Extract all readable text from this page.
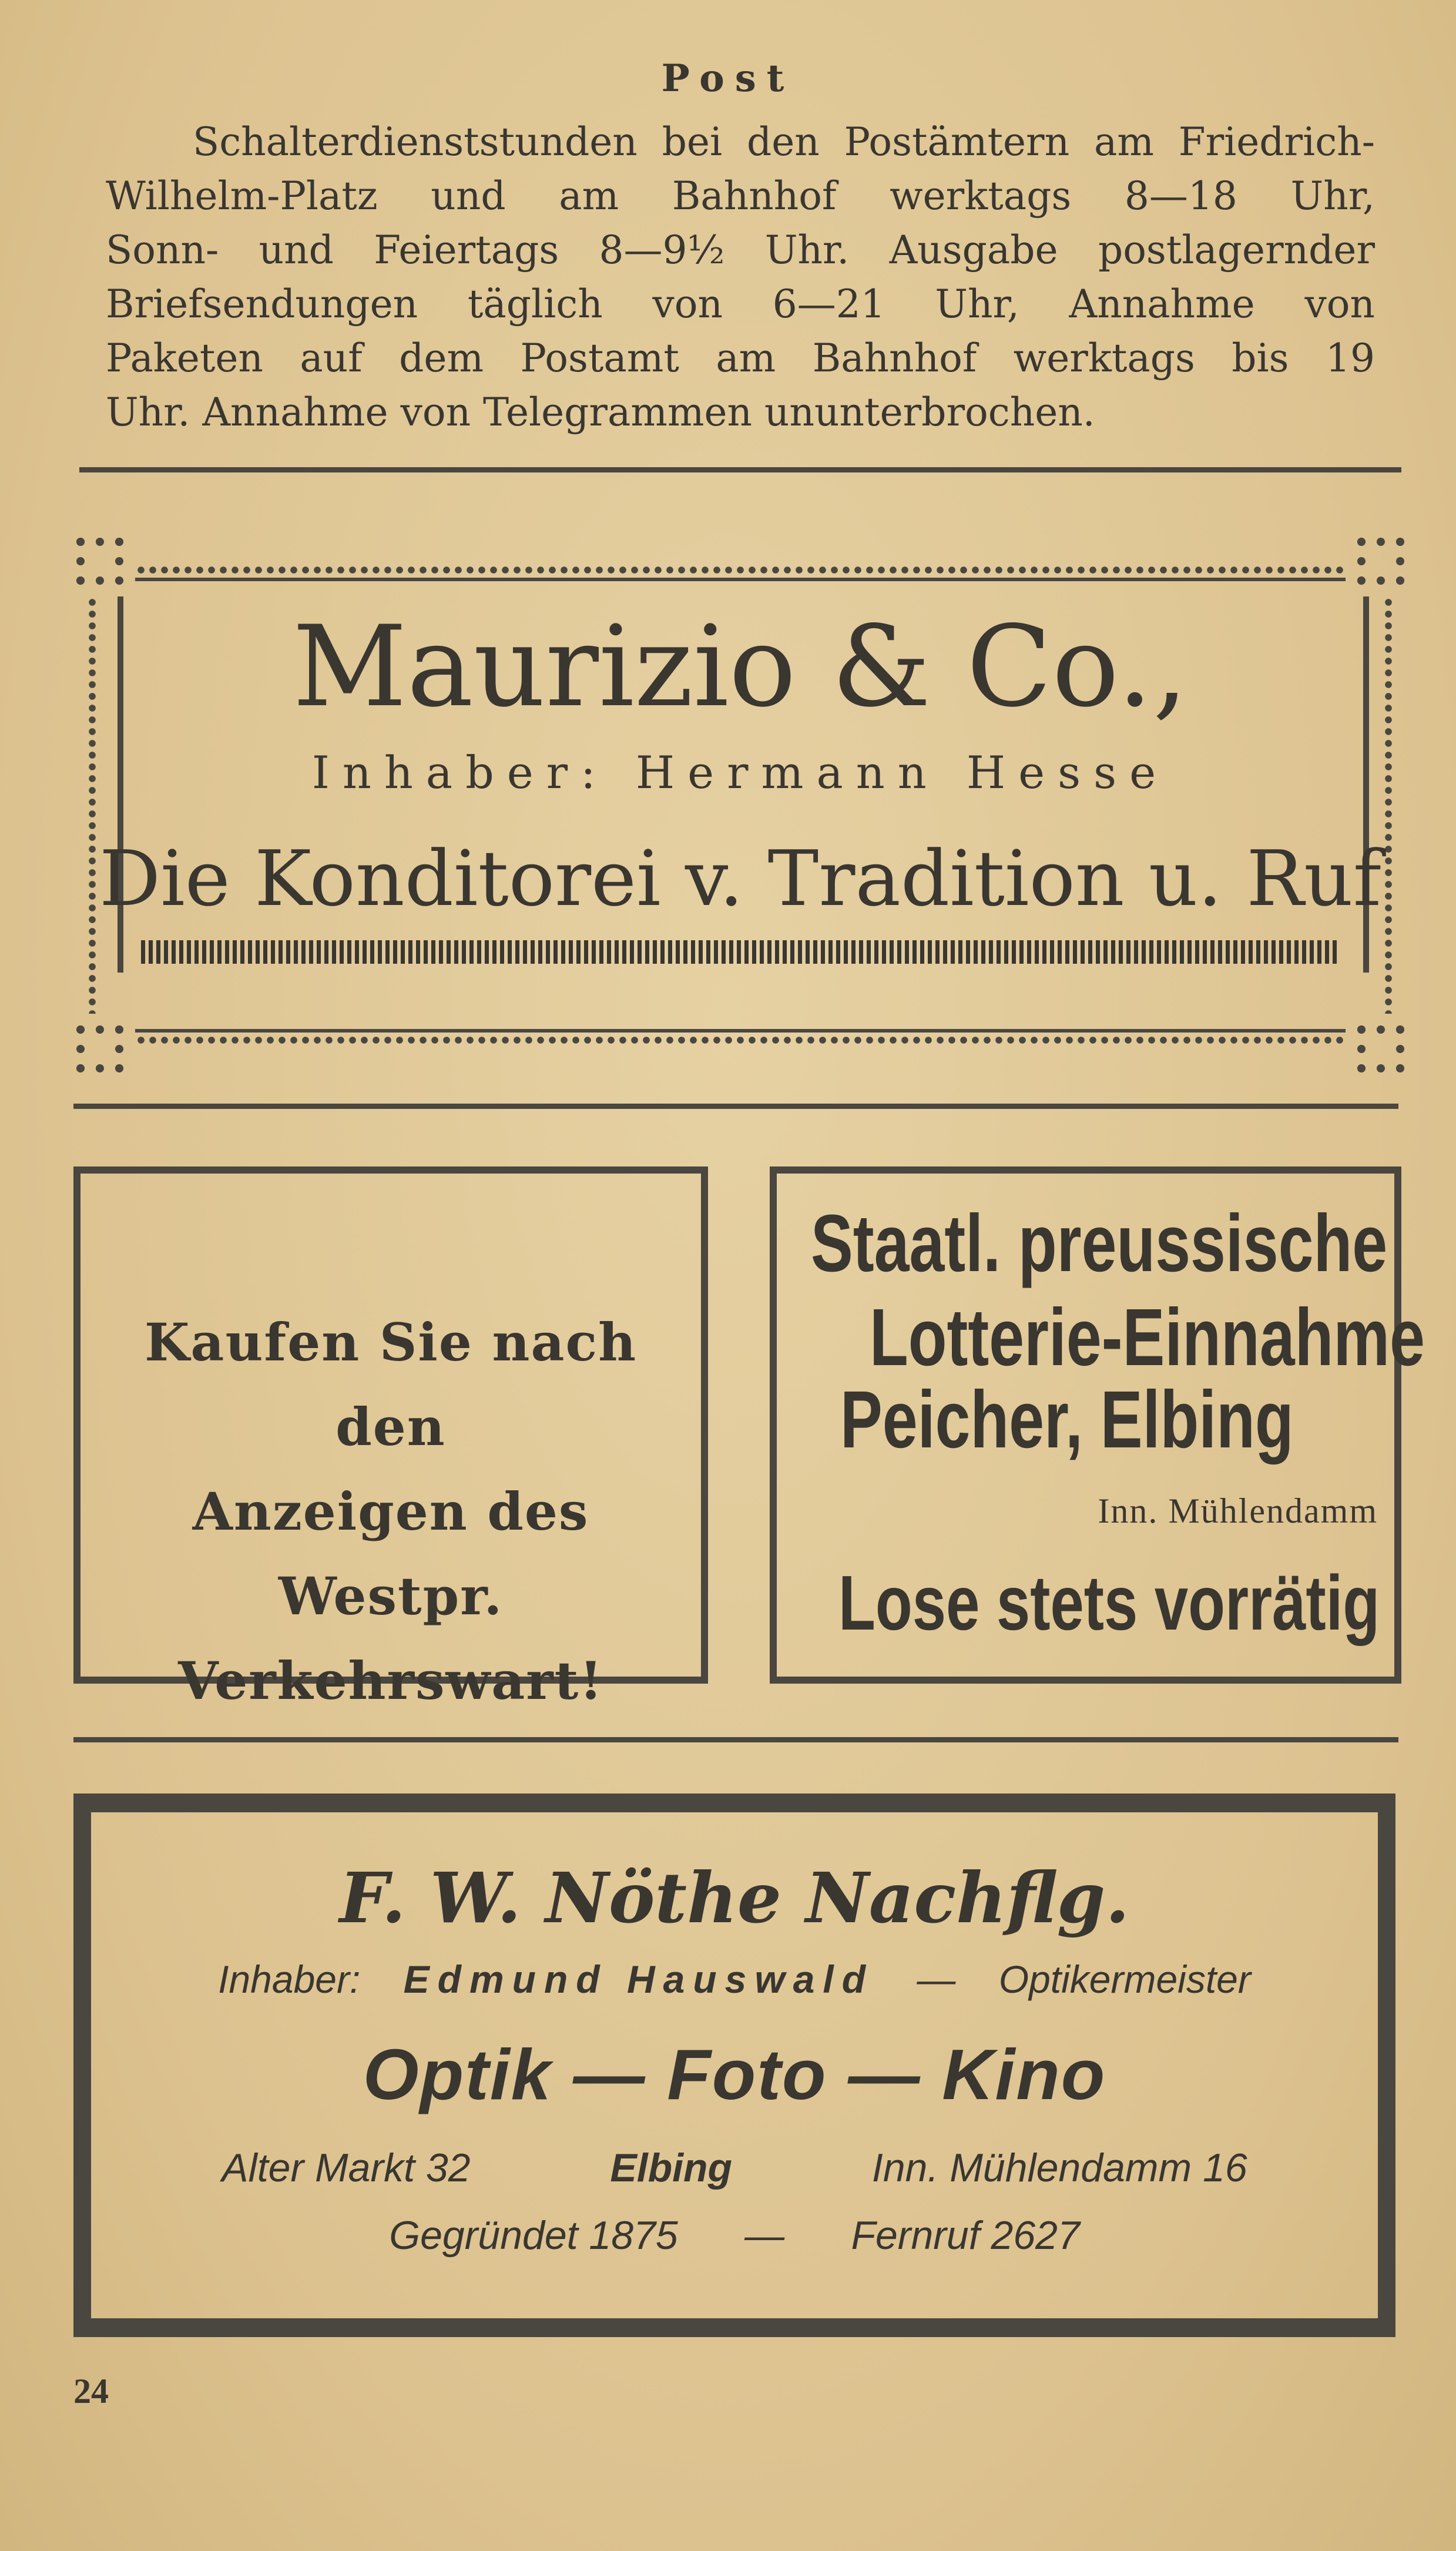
Post
Schalterdienststunden bei den Postämtern am Friedrich-
Wilhelm-Platz und am Bahnhof werktags 8—18 Uhr,
Sonn- und Feiertags 8—9½ Uhr. Ausgabe postlagernder
Briefsendungen täglich von 6—21 Uhr, Annahme von
Paketen auf dem Postamt am Bahnhof werktags bis 19
Uhr. Annahme von Telegrammen ununterbrochen.
Maurizio & Co.,
Inhaber: Hermann Hesse
Die Konditorei v. Tradition u. Ruf
Kaufen Sie nach den
Anzeigen des
Westpr. Verkehrswart!
Staatl. preussische
Lotterie-Einnahme
Peicher, Elbing
Inn. Mühlendamm
Lose stets vorrätig
F. W. Nöthe Nachflg.
Inhaber: Edmund Hauswald — Optikermeister
Optik — Foto — Kino
Alter Markt 32	Elbing	Inn. Mühlendamm 16
Gegründet 1875 — Fernruf 2627
24
